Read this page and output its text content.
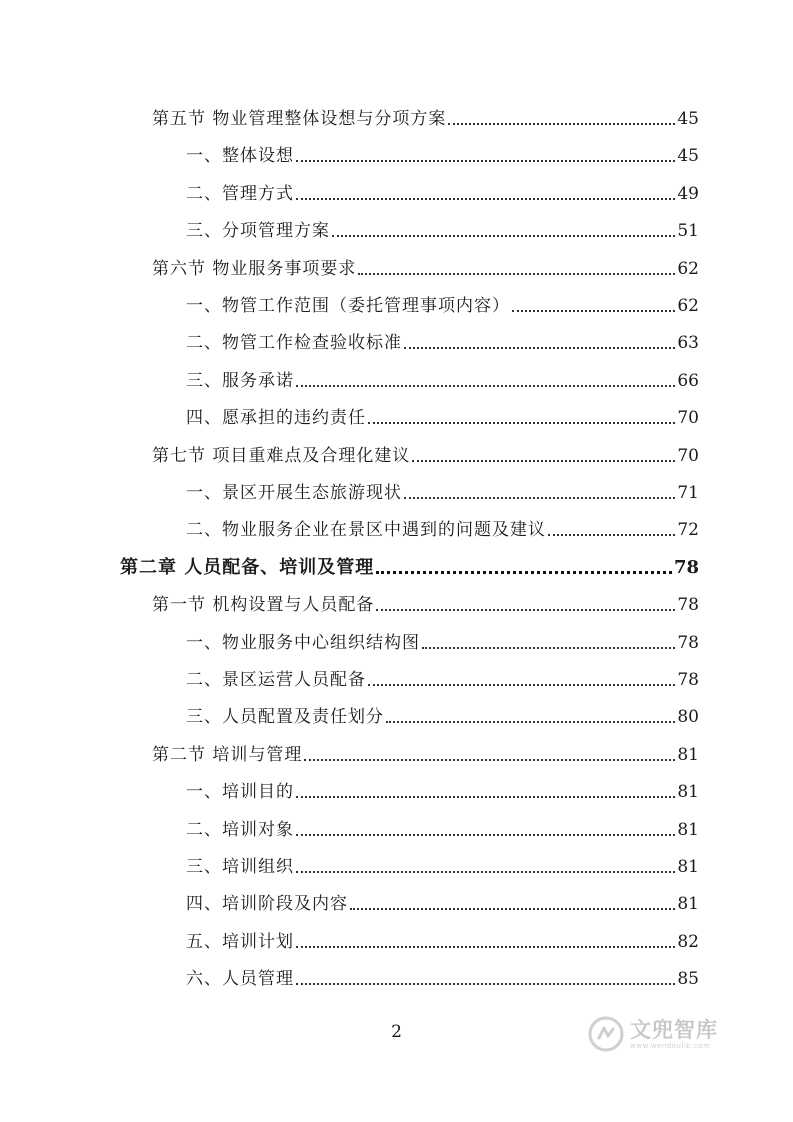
第五节 物业管理整体设想与分项方案	45
一、整体设想	45
二、管理方式	49
三、分项管理方案	51
第六节 物业服务事项要求	62
一、物管工作范围（委托管理事项内容）	62
二、物管工作检查验收标准	63
三、服务承诺	66
四、愿承担的违约责任	70
第七节 项目重难点及合理化建议	70
一、景区开展生态旅游现状	71
二、物业服务企业在景区中遇到的问题及建议	72
第二章 人员配备、培训及管理	78
第一节 机构设置与人员配备	78
一、物业服务中心组织结构图	78
二、景区运营人员配备	78
三、人员配置及责任划分	80
第二节 培训与管理	81
一、培训目的	81
二、培训对象	81
三、培训组织	81
四、培训阶段及内容	81
五、培训计划	82
六、人员管理	85
2	文兜智库
www.wendoulib.com
